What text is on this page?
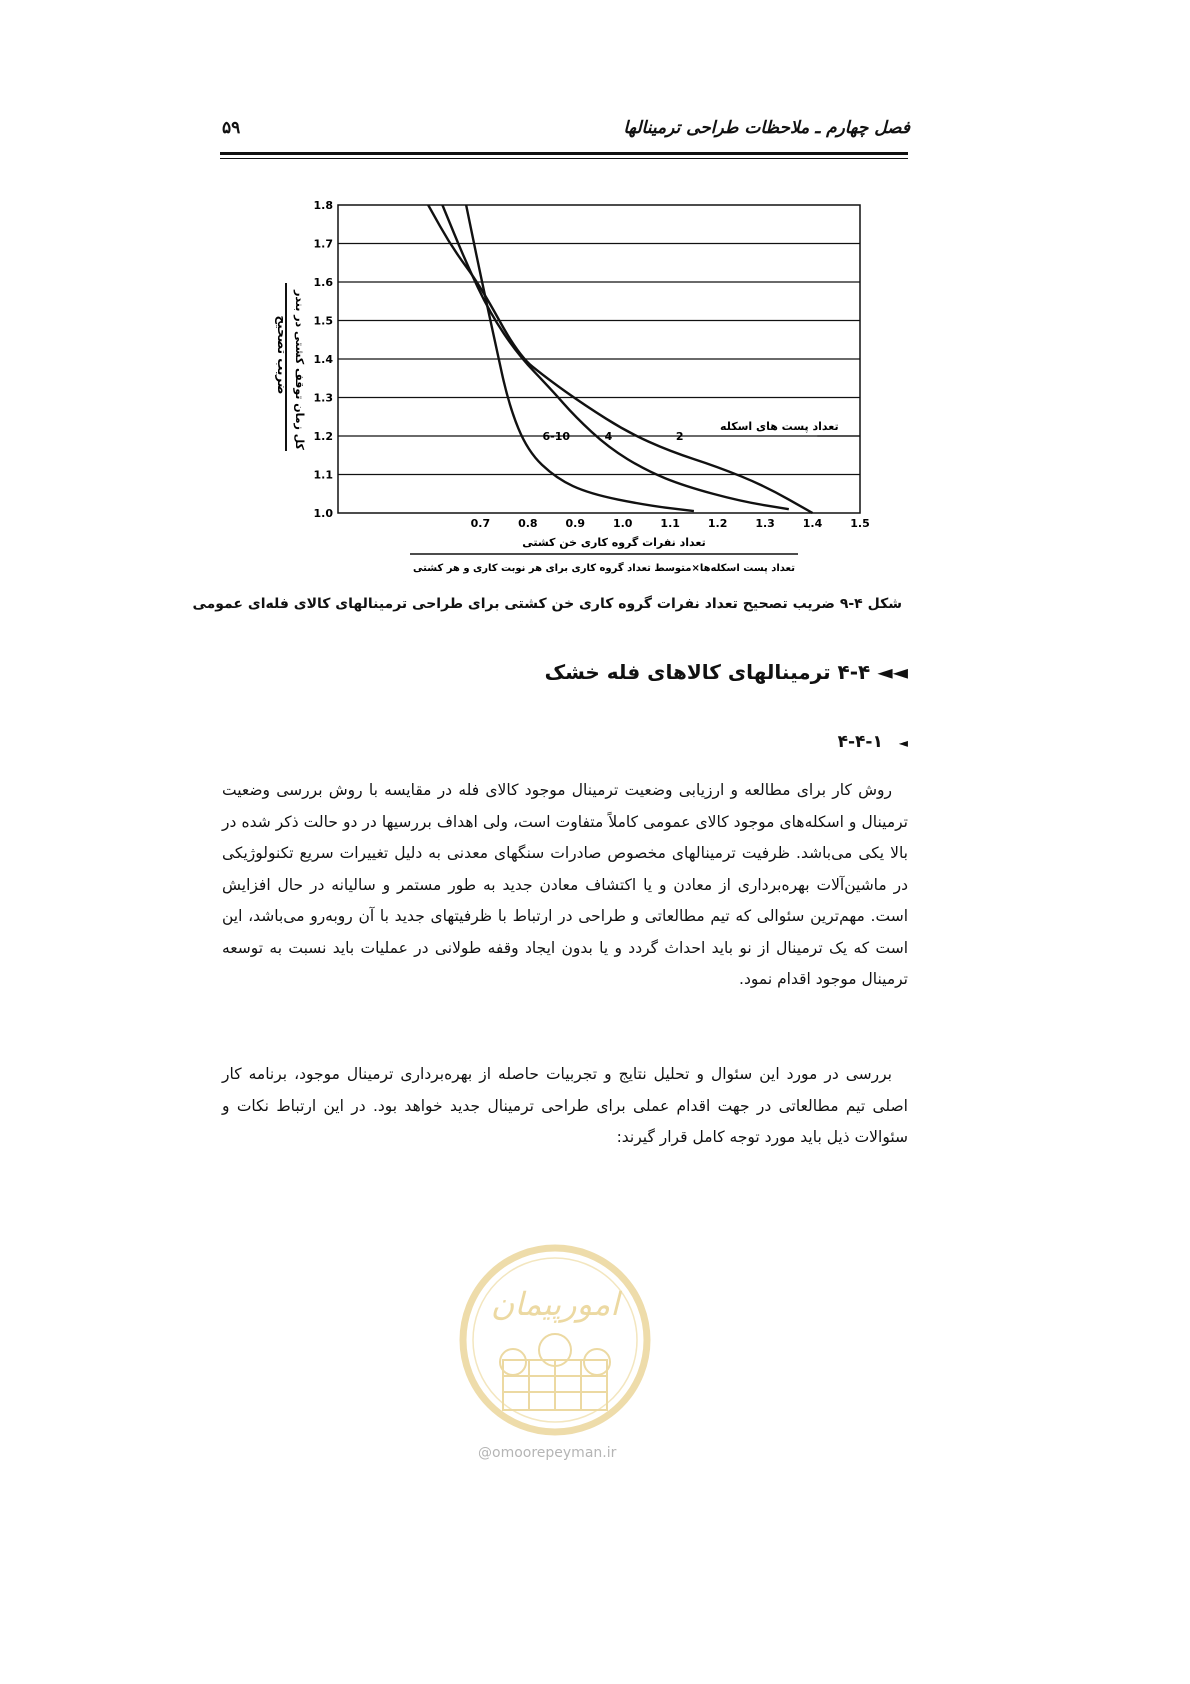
فصل چهارم ـ ملاحظات طراحی ترمینالها
۵۹
ضریب تصحیح کل زمان توقف کشتی در بندر
1.0
1.1
1.2
1.3
1.4
1.5
1.6
1.7
1.8
0.7	0.8	0.9	1.0	1.1	1.2	1.3	1.4	1.5
6-10	4	2
تعداد پست های اسکله
تعداد نفرات گروه کاری خن کشتی
تعداد پست اسکله‌ها×متوسط تعداد گروه کاری برای هر نوبت کاری و هر کشتی
شکل ۴-۹ ضریب تصحیح تعداد نفرات گروه کاری خن کشتی برای طراحی ترمینالهای کالای فله‌ای عمومی
◄◄ ۴-۴ ترمینالهای کالاهای فله خشک
◄ ۴-۴-۱

روش کار برای مطالعه و ارزیابی وضعیت ترمینال موجود کالای فله در مقایسه با روش بررسی وضعیت ترمینال و اسکله‌های موجود کالای عمومی کاملاً متفاوت است، ولی اهداف بررسیها در دو حالت ذکر شده در بالا یکی می‌باشد. ظرفیت ترمینالهای مخصوص صادرات سنگهای معدنی به دلیل تغییرات سریع تکنولوژیکی در ماشین‌آلات بهره‌برداری از معادن و یا اکتشاف معادن جدید به طور مستمر و سالیانه در حال افزایش است. مهم‌ترین سئوالی که تیم مطالعاتی و طراحی در ارتباط با ظرفیتهای جدید با آن روبه‌رو می‌باشد، این است که یک ترمینال از نو باید احداث گردد و یا بدون ایجاد وقفه طولانی در عملیات باید نسبت به توسعه ترمینال موجود اقدام نمود.

بررسی در مورد این سئوال و تحلیل نتایج و تجربیات حاصله از بهره‌برداری ترمینال موجود، برنامه کار اصلی تیم مطالعاتی در جهت اقدام عملی برای طراحی ترمینال جدید خواهد بود. در این ارتباط نکات و سئوالات ذیل باید مورد توجه کامل قرار گیرند:

امورپیمان
@omoorepeyman.ir
